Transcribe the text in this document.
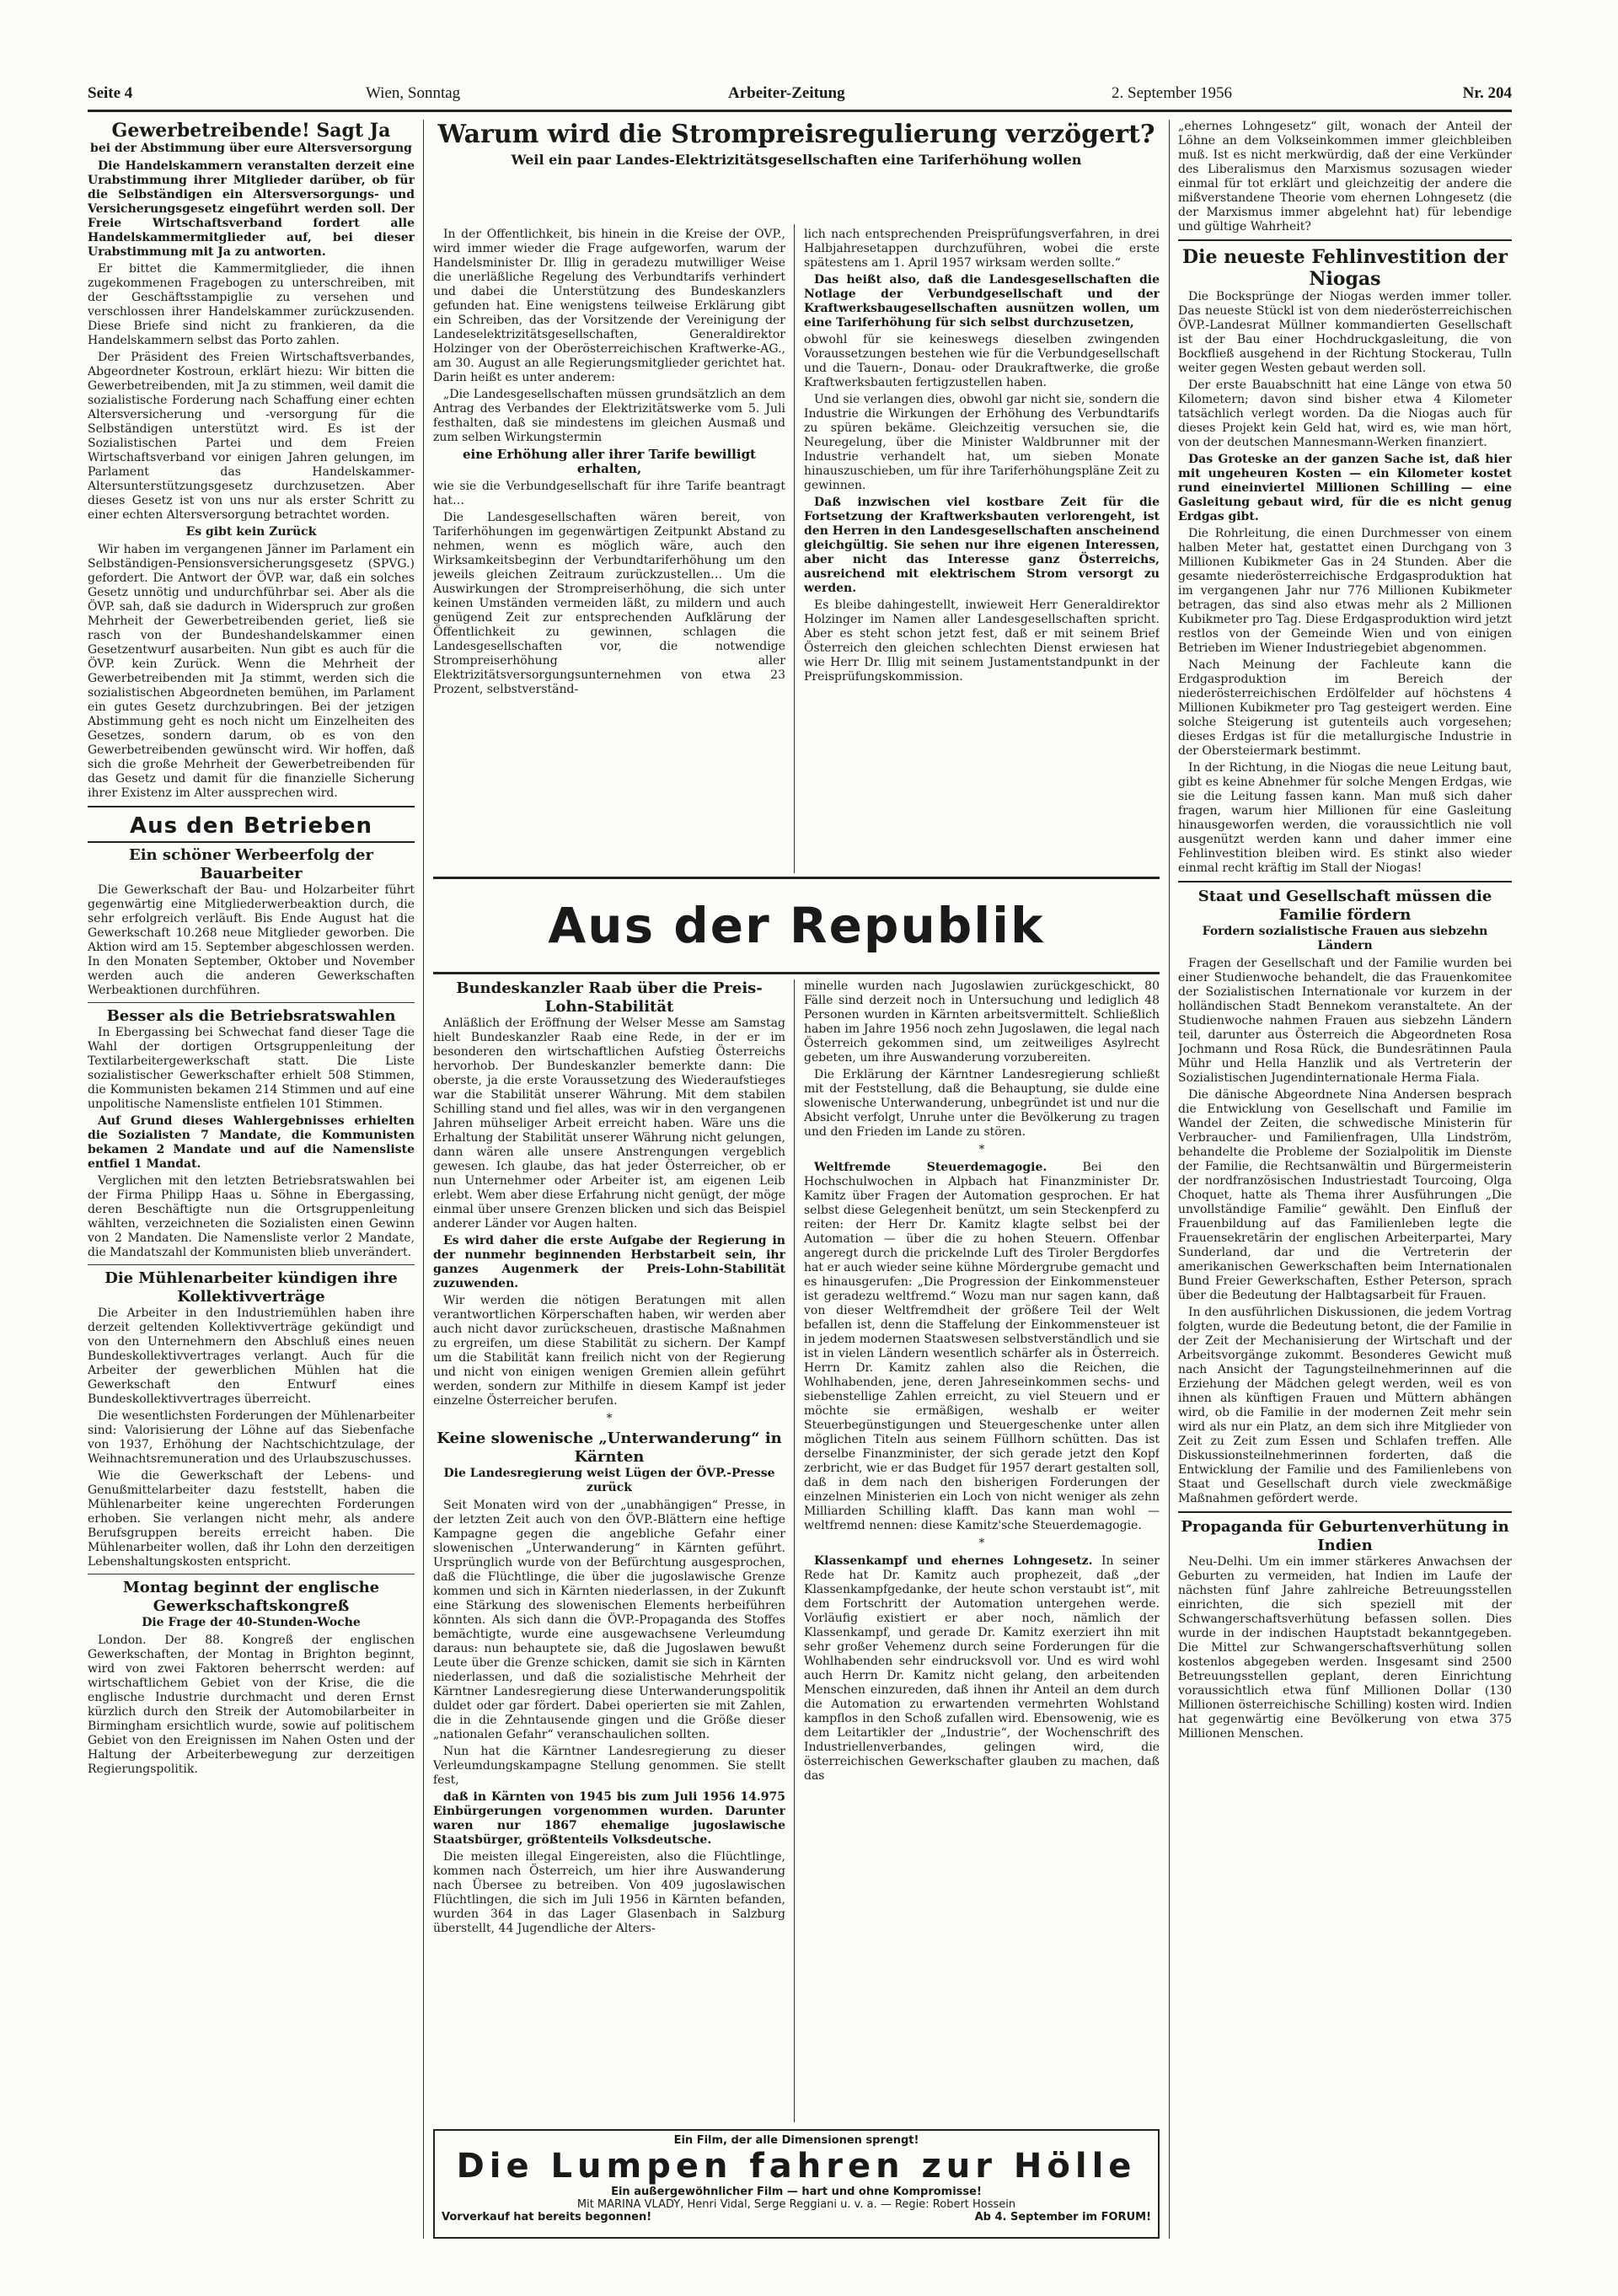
Seite 4	Wien, Sonntag	Arbeiter-Zeitung	2. September 1956	Nr. 204
Gewerbetreibende! Sagt Ja
bei der Abstimmung über eure Altersversorgung

Die Handelskammern veranstalten derzeit eine Urabstimmung ihrer Mitglieder darüber, ob für die Selbständigen ein Altersversorgungs- und Versicherungsgesetz eingeführt werden soll. Der Freie Wirtschaftsverband fordert alle Handelskammermitglieder auf, bei dieser Urabstimmung mit Ja zu antworten.

Er bittet die Kammermitglieder, die ihnen zugekommenen Fragebogen zu unterschreiben, mit der Geschäftsstampiglie zu versehen und verschlossen ihrer Handelskammer zurückzusenden. Diese Briefe sind nicht zu frankieren, da die Handelskammern selbst das Porto zahlen.

Der Präsident des Freien Wirtschaftsverbandes, Abgeordneter Kostroun, erklärt hiezu: Wir bitten die Gewerbetreibenden, mit Ja zu stimmen, weil damit die sozialistische Forderung nach Schaffung einer echten Altersversicherung und -versorgung für die Selbständigen unterstützt wird. Es ist der Sozialistischen Partei und dem Freien Wirtschaftsverband vor einigen Jahren gelungen, im Parlament das Handelskammer-Altersunterstützungsgesetz durchzusetzen. Aber dieses Gesetz ist von uns nur als erster Schritt zu einer echten Altersversorgung betrachtet worden.

Es gibt kein Zurück

Wir haben im vergangenen Jänner im Parlament ein Selbständigen-Pensionsversicherungsgesetz (SPVG.) gefordert. Die Antwort der ÖVP. war, daß ein solches Gesetz unnötig und undurchführbar sei. Aber als die ÖVP. sah, daß sie dadurch in Widerspruch zur großen Mehrheit der Gewerbetreibenden geriet, ließ sie rasch von der Bundeshandelskammer einen Gesetzentwurf ausarbeiten. Nun gibt es auch für die ÖVP. kein Zurück. Wenn die Mehrheit der Gewerbetreibenden mit Ja stimmt, werden sich die sozialistischen Abgeordneten bemühen, im Parlament ein gutes Gesetz durchzubringen. Bei der jetzigen Abstimmung geht es noch nicht um Einzelheiten des Gesetzes, sondern darum, ob es von den Gewerbetreibenden gewünscht wird. Wir hoffen, daß sich die große Mehrheit der Gewerbetreibenden für das Gesetz und damit für die finanzielle Sicherung ihrer Existenz im Alter aussprechen wird.

Aus den Betrieben
Ein schöner Werbeerfolg der Bauarbeiter

Die Gewerkschaft der Bau- und Holzarbeiter führt gegenwärtig eine Mitgliederwerbeaktion durch, die sehr erfolgreich verläuft. Bis Ende August hat die Gewerkschaft 10.268 neue Mitglieder geworben. Die Aktion wird am 15. September abgeschlossen werden. In den Monaten September, Oktober und November werden auch die anderen Gewerkschaften Werbeaktionen durchführen.

Besser als die Betriebsratswahlen

In Ebergassing bei Schwechat fand dieser Tage die Wahl der dortigen Ortsgruppenleitung der Textilarbeitergewerkschaft statt. Die Liste sozialistischer Gewerkschafter erhielt 508 Stimmen, die Kommunisten bekamen 214 Stimmen und auf eine unpolitische Namensliste entfielen 101 Stimmen.

Auf Grund dieses Wahlergebnisses erhielten die Sozialisten 7 Mandate, die Kommunisten bekamen 2 Mandate und auf die Namensliste entfiel 1 Mandat.

Verglichen mit den letzten Betriebsratswahlen bei der Firma Philipp Haas u. Söhne in Ebergassing, deren Beschäftigte nun die Ortsgruppenleitung wählten, verzeichneten die Sozialisten einen Gewinn von 2 Mandaten. Die Namensliste verlor 2 Mandate, die Mandatszahl der Kommunisten blieb unverändert.

Die Mühlenarbeiter kündigen ihre Kollektivverträge

Die Arbeiter in den Industriemühlen haben ihre derzeit geltenden Kollektivverträge gekündigt und von den Unternehmern den Abschluß eines neuen Bundeskollektivvertrages verlangt. Auch für die Arbeiter der gewerblichen Mühlen hat die Gewerkschaft den Entwurf eines Bundeskollektivvertrages überreicht.

Die wesentlichsten Forderungen der Mühlenarbeiter sind: Valorisierung der Löhne auf das Siebenfache von 1937, Erhöhung der Nachtschichtzulage, der Weihnachtsremuneration und des Urlaubszuschusses.

Wie die Gewerkschaft der Lebens- und Genußmittelarbeiter dazu feststellt, haben die Mühlenarbeiter keine ungerechten Forderungen erhoben. Sie verlangen nicht mehr, als andere Berufsgruppen bereits erreicht haben. Die Mühlenarbeiter wollen, daß ihr Lohn den derzeitigen Lebenshaltungskosten entspricht.

Montag beginnt der englische Gewerkschaftskongreß
Die Frage der 40-Stunden-Woche

London. Der 88. Kongreß der englischen Gewerkschaften, der Montag in Brighton beginnt, wird von zwei Faktoren beherrscht werden: auf wirtschaftlichem Gebiet von der Krise, die die englische Industrie durchmacht und deren Ernst kürzlich durch den Streik der Automobilarbeiter in Birmingham ersichtlich wurde, sowie auf politischem Gebiet von den Ereignissen im Nahen Osten und der Haltung der Arbeiterbewegung zur derzeitigen Regierungspolitik.

Warum wird die Strompreisregulierung verzögert?
Weil ein paar Landes-Elektrizitätsgesellschaften eine Tariferhöhung wollen

In der Öffentlichkeit, bis hinein in die Kreise der ÖVP., wird immer wieder die Frage aufgeworfen, warum der Handelsminister Dr. Illig in geradezu mutwilliger Weise die unerläßliche Regelung des Verbundtarifs verhindert und dabei die Unterstützung des Bundeskanzlers gefunden hat. Eine wenigstens teilweise Erklärung gibt ein Schreiben, das der Vorsitzende der Vereinigung der Landeselektrizitätsgesellschaften, Generaldirektor Holzinger von der Oberösterreichischen Kraftwerke-AG., am 30. August an alle Regierungsmitglieder gerichtet hat. Darin heißt es unter anderem:

„Die Landesgesellschaften müssen grundsätzlich an dem Antrag des Verbandes der Elektrizitätswerke vom 5. Juli festhalten, daß sie mindestens im gleichen Ausmaß und zum selben Wirkungstermin

eine Erhöhung aller ihrer Tarife bewilligt erhalten,

wie sie die Verbundgesellschaft für ihre Tarife beantragt hat…

Die Landesgesellschaften wären bereit, von Tariferhöhungen im gegenwärtigen Zeitpunkt Abstand zu nehmen, wenn es möglich wäre, auch den Wirksamkeitsbeginn der Verbundtariferhöhung um den jeweils gleichen Zeitraum zurückzustellen… Um die Auswirkungen der Strompreiserhöhung, die sich unter keinen Umständen vermeiden läßt, zu mildern und auch genügend Zeit zur entsprechenden Aufklärung der Öffentlichkeit zu gewinnen, schlagen die Landesgesellschaften vor, die notwendige Strompreiserhöhung aller Elektrizitätsversorgungsunternehmen von etwa 23 Prozent, selbstverständ-

lich nach entsprechenden Preisprüfungsverfahren, in drei Halbjahresetappen durchzuführen, wobei die erste spätestens am 1. April 1957 wirksam werden sollte.“

Das heißt also, daß die Landesgesellschaften die Notlage der Verbundgesellschaft und der Kraftwerksbaugesellschaften ausnützen wollen, um eine Tariferhöhung für sich selbst durchzusetzen,

obwohl für sie keineswegs dieselben zwingenden Voraussetzungen bestehen wie für die Verbundgesellschaft und die Tauern-, Donau- oder Draukraftwerke, die große Kraftwerksbauten fertigzustellen haben.

Und sie verlangen dies, obwohl gar nicht sie, sondern die Industrie die Wirkungen der Erhöhung des Verbundtarifs zu spüren bekäme. Gleichzeitig versuchen sie, die Neuregelung, über die Minister Waldbrunner mit der Industrie verhandelt hat, um sieben Monate hinauszuschieben, um für ihre Tariferhöhungspläne Zeit zu gewinnen.

Daß inzwischen viel kostbare Zeit für die Fortsetzung der Kraftwerksbauten verlorengeht, ist den Herren in den Landesgesellschaften anscheinend gleichgültig. Sie sehen nur ihre eigenen Interessen, aber nicht das Interesse ganz Österreichs, ausreichend mit elektrischem Strom versorgt zu werden.

Es bleibe dahingestellt, inwieweit Herr Generaldirektor Holzinger im Namen aller Landesgesellschaften spricht. Aber es steht schon jetzt fest, daß er mit seinem Brief Österreich den gleichen schlechten Dienst erwiesen hat wie Herr Dr. Illig mit seinem Justamentstandpunkt in der Preisprüfungskommission.

Aus der Republik
Bundeskanzler Raab über die Preis-Lohn-Stabilität

Anläßlich der Eröffnung der Welser Messe am Samstag hielt Bundeskanzler Raab eine Rede, in der er im besonderen den wirtschaftlichen Aufstieg Österreichs hervorhob. Der Bundeskanzler bemerkte dann: Die oberste, ja die erste Voraussetzung des Wiederaufstieges war die Stabilität unserer Währung. Mit dem stabilen Schilling stand und fiel alles, was wir in den vergangenen Jahren mühseliger Arbeit erreicht haben. Wäre uns die Erhaltung der Stabilität unserer Währung nicht gelungen, dann wären alle unsere Anstrengungen vergeblich gewesen. Ich glaube, das hat jeder Österreicher, ob er nun Unternehmer oder Arbeiter ist, am eigenen Leib erlebt. Wem aber diese Erfahrung nicht genügt, der möge einmal über unsere Grenzen blicken und sich das Beispiel anderer Länder vor Augen halten.

Es wird daher die erste Aufgabe der Regierung in der nunmehr beginnenden Herbstarbeit sein, ihr ganzes Augenmerk der Preis-Lohn-Stabilität zuzuwenden.

Wir werden die nötigen Beratungen mit allen verantwortlichen Körperschaften haben, wir werden aber auch nicht davor zurückscheuen, drastische Maßnahmen zu ergreifen, um diese Stabilität zu sichern. Der Kampf um die Stabilität kann freilich nicht von der Regierung und nicht von einigen wenigen Gremien allein geführt werden, sondern zur Mithilfe in diesem Kampf ist jeder einzelne Österreicher berufen.

*
Keine slowenische „Unterwanderung“ in Kärnten
Die Landesregierung weist Lügen der ÖVP.-Presse zurück

Seit Monaten wird von der „unabhängigen“ Presse, in der letzten Zeit auch von den ÖVP.-Blättern eine heftige Kampagne gegen die angebliche Gefahr einer slowenischen „Unterwanderung“ in Kärnten geführt. Ursprünglich wurde von der Befürchtung ausgesprochen, daß die Flüchtlinge, die über die jugoslawische Grenze kommen und sich in Kärnten niederlassen, in der Zukunft eine Stärkung des slowenischen Elements herbeiführen könnten. Als sich dann die ÖVP.-Propaganda des Stoffes bemächtigte, wurde eine ausgewachsene Verleumdung daraus: nun behauptete sie, daß die Jugoslawen bewußt Leute über die Grenze schicken, damit sie sich in Kärnten niederlassen, und daß die sozialistische Mehrheit der Kärntner Landesregierung diese Unterwanderungspolitik duldet oder gar fördert. Dabei operierten sie mit Zahlen, die in die Zehntausende gingen und die Größe dieser „nationalen Gefahr“ veranschaulichen sollten.

Nun hat die Kärntner Landesregierung zu dieser Verleumdungskampagne Stellung genommen. Sie stellt fest,

daß in Kärnten von 1945 bis zum Juli 1956 14.975 Einbürgerungen vorgenommen wurden. Darunter waren nur 1867 ehemalige jugoslawische Staatsbürger, größtenteils Volksdeutsche.

Die meisten illegal Eingereisten, also die Flüchtlinge, kommen nach Österreich, um hier ihre Auswanderung nach Übersee zu betreiben. Von 409 jugoslawischen Flüchtlingen, die sich im Juli 1956 in Kärnten befanden, wurden 364 in das Lager Glasenbach in Salzburg überstellt, 44 Jugendliche der Alters-

minelle wurden nach Jugoslawien zurückgeschickt, 80 Fälle sind derzeit noch in Untersuchung und lediglich 48 Personen wurden in Kärnten arbeitsvermittelt. Schließlich haben im Jahre 1956 noch zehn Jugoslawen, die legal nach Österreich gekommen sind, um zeitweiliges Asylrecht gebeten, um ihre Auswanderung vorzubereiten.

Die Erklärung der Kärntner Landesregierung schließt mit der Feststellung, daß die Behauptung, sie dulde eine slowenische Unterwanderung, unbegründet ist und nur die Absicht verfolgt, Unruhe unter die Bevölkerung zu tragen und den Frieden im Lande zu stören.

*

Weltfremde Steuerdemagogie.	Bei den Hochschulwochen in Alpbach hat Finanzminister Dr. Kamitz über Fragen der Automation gesprochen. Er hat selbst diese Gelegenheit benützt, um sein Steckenpferd zu reiten: der Herr Dr. Kamitz klagte selbst bei der Automation — über die zu hohen Steuern. Offenbar angeregt durch die prickelnde Luft des Tiroler Bergdorfes hat er auch wieder seine kühne Mördergrube gemacht und es hinausgerufen: „Die Progression der Einkommensteuer ist geradezu weltfremd.“ Wozu man nur sagen kann, daß von dieser Weltfremdheit der größere Teil der Welt befallen ist, denn die Staffelung der Einkommensteuer ist in jedem modernen Staatswesen selbstverständlich und sie ist in vielen Ländern wesentlich schärfer als in Österreich. Herrn Dr. Kamitz zahlen also die Reichen, die Wohlhabenden, jene, deren Jahreseinkommen sechs- und siebenstellige Zahlen erreicht, zu viel Steuern und er möchte sie ermäßigen, weshalb er weiter Steuerbegünstigungen und Steuergeschenke unter allen möglichen Titeln aus seinem Füllhorn schütten. Das ist derselbe Finanzminister, der sich gerade jetzt den Kopf zerbricht, wie er das Budget für 1957 derart gestalten soll, daß in dem nach den bisherigen Forderungen der einzelnen Ministerien ein Loch von nicht weniger als zehn Milliarden Schilling klafft. Das kann man wohl — weltfremd nennen: diese Kamitz'sche Steuerdemagogie.

*

Klassenkampf und ehernes Lohngesetz. In seiner Rede hat Dr. Kamitz auch prophezeit, daß „der Klassenkampfgedanke, der heute schon verstaubt ist“, mit dem Fortschritt der Automation untergehen werde. Vorläufig existiert er aber noch, nämlich der Klassenkampf, und gerade Dr. Kamitz exerziert ihn mit sehr großer Vehemenz durch seine Forderungen für die Wohlhabenden sehr eindrucksvoll vor. Und es wird wohl auch Herrn Dr. Kamitz nicht gelang, den arbeitenden Menschen einzureden, daß ihnen ihr Anteil an dem durch die Automation zu erwartenden vermehrten Wohlstand kampflos in den Schoß zufallen wird. Ebensowenig, wie es dem Leitartikler der „Industrie“, der Wochenschrift des Industriellenverbandes, gelingen wird, die österreichischen Gewerkschafter glauben zu machen, daß das

„ehernes Lohngesetz“ gilt, wonach der Anteil der Löhne an dem Volkseinkommen immer gleichbleiben muß. Ist es nicht merkwürdig, daß der eine Verkünder des Liberalismus den Marxismus sozusagen wieder einmal für tot erklärt und gleichzeitig der andere die mißverstandene Theorie vom ehernen Lohngesetz (die der Marxismus immer abgelehnt hat) für lebendige und gültige Wahrheit?

Die neueste Fehlinvestition der Niogas

Die Bocksprünge der Niogas werden immer toller. Das neueste Stückl ist von dem niederösterreichischen ÖVP.-Landesrat Müllner kommandierten Gesellschaft ist der Bau einer Hochdruckgasleitung, die von Bockfließ ausgehend in der Richtung Stockerau, Tulln weiter gegen Westen gebaut werden soll.

Der erste Bauabschnitt hat eine Länge von etwa 50 Kilometern; davon sind bisher etwa 4 Kilometer tatsächlich verlegt worden. Da die Niogas auch für dieses Projekt kein Geld hat, wird es, wie man hört, von der deutschen Mannesmann-Werken finanziert.

Das Groteske an der ganzen Sache ist, daß hier mit ungeheuren Kosten — ein Kilometer kostet rund eineinviertel Millionen Schilling — eine Gasleitung gebaut wird, für die es nicht genug Erdgas gibt.

Die Rohrleitung, die einen Durchmesser von einem halben Meter hat, gestattet einen Durchgang von 3 Millionen Kubikmeter Gas in 24 Stunden. Aber die gesamte niederösterreichische Erdgasproduktion hat im vergangenen Jahr nur 776 Millionen Kubikmeter betragen, das sind also etwas mehr als 2 Millionen Kubikmeter pro Tag. Diese Erdgasproduktion wird jetzt restlos von der Gemeinde Wien und von einigen Betrieben im Wiener Industriegebiet abgenommen.

Nach Meinung der Fachleute kann die Erdgasproduktion im Bereich der niederösterreichischen Erdölfelder auf höchstens 4 Millionen Kubikmeter pro Tag gesteigert werden. Eine solche Steigerung ist gutenteils auch vorgesehen; dieses Erdgas ist für die metallurgische Industrie in der Obersteiermark bestimmt.

In der Richtung, in die Niogas die neue Leitung baut, gibt es keine Abnehmer für solche Mengen Erdgas, wie sie die Leitung fassen kann. Man muß sich daher fragen, warum hier Millionen für eine Gasleitung hinausgeworfen werden, die voraussichtlich nie voll ausgenützt werden kann und daher immer eine Fehlinvestition bleiben wird. Es stinkt also wieder einmal recht kräftig im Stall der Niogas!

Staat und Gesellschaft müssen die Familie fördern
Fordern sozialistische Frauen aus siebzehn Ländern

Fragen der Gesellschaft und der Familie wurden bei einer Studienwoche behandelt, die das Frauenkomitee der Sozialistischen Internationale vor kurzem in der holländischen Stadt Bennekom veranstaltete. An der Studienwoche nahmen Frauen aus siebzehn Ländern teil, darunter aus Österreich die Abgeordneten Rosa Jochmann und Rosa Rück, die Bundesrätinnen Paula Mühr und Hella Hanzlik und als Vertreterin der Sozialistischen Jugendinternationale Herma Fiala.

Die dänische Abgeordnete Nina Andersen besprach die Entwicklung von Gesellschaft und Familie im Wandel der Zeiten, die schwedische Ministerin für Verbraucher- und Familienfragen, Ulla Lindström, behandelte die Probleme der Sozialpolitik im Dienste der Familie, die Rechtsanwältin und Bürgermeisterin der nordfranzösischen Industriestadt Tourcoing, Olga Choquet, hatte als Thema ihrer Ausführungen „Die unvollständige Familie“ gewählt. Den Einfluß der Frauenbildung auf das Familienleben legte die Frauensekretärin der englischen Arbeiterpartei, Mary Sunderland, dar und die Vertreterin der amerikanischen Gewerkschaften beim Internationalen Bund Freier Gewerkschaften, Esther Peterson, sprach über die Bedeutung der Halbtagsarbeit für Frauen.

In den ausführlichen Diskussionen, die jedem Vortrag folgten, wurde die Bedeutung betont, die der Familie in der Zeit der Mechanisierung der Wirtschaft und der Arbeitsvorgänge zukommt. Besonderes Gewicht muß nach Ansicht der Tagungsteilnehmerinnen auf die Erziehung der Mädchen gelegt werden, weil es von ihnen als künftigen Frauen und Müttern abhängen wird, ob die Familie in der modernen Zeit mehr sein wird als nur ein Platz, an dem sich ihre Mitglieder von Zeit zu Zeit zum Essen und Schlafen treffen. Alle Diskussionsteilnehmerinnen forderten, daß die Entwicklung der Familie und des Familienlebens von Staat und Gesellschaft durch viele zweckmäßige Maßnahmen gefördert werde.

Propaganda für Geburtenverhütung in Indien

Neu-Delhi. Um ein immer stärkeres Anwachsen der Geburten zu vermeiden, hat Indien im Laufe der nächsten fünf Jahre zahlreiche Betreuungsstellen einrichten, die sich speziell mit der Schwangerschaftsverhütung befassen sollen. Dies wurde in der indischen Hauptstadt bekanntgegeben. Die Mittel zur Schwangerschaftsverhütung sollen kostenlos abgegeben werden. Insgesamt sind 2500 Betreuungsstellen geplant, deren Einrichtung voraussichtlich etwa fünf Millionen Dollar (130 Millionen österreichische Schilling) kosten wird. Indien hat gegenwärtig eine Bevölkerung von etwa 375 Millionen Menschen.

Ein Film, der alle Dimensionen sprengt!
Die Lumpen fahren zur Hölle
Ein außergewöhnlicher Film — hart und ohne Kompromisse!
Mit MARINA VLADY, Henri Vidal, Serge Reggiani u. v. a. — Regie: Robert Hossein
Vorverkauf hat bereits begonnen!	Ab 4. September im FORUM!
